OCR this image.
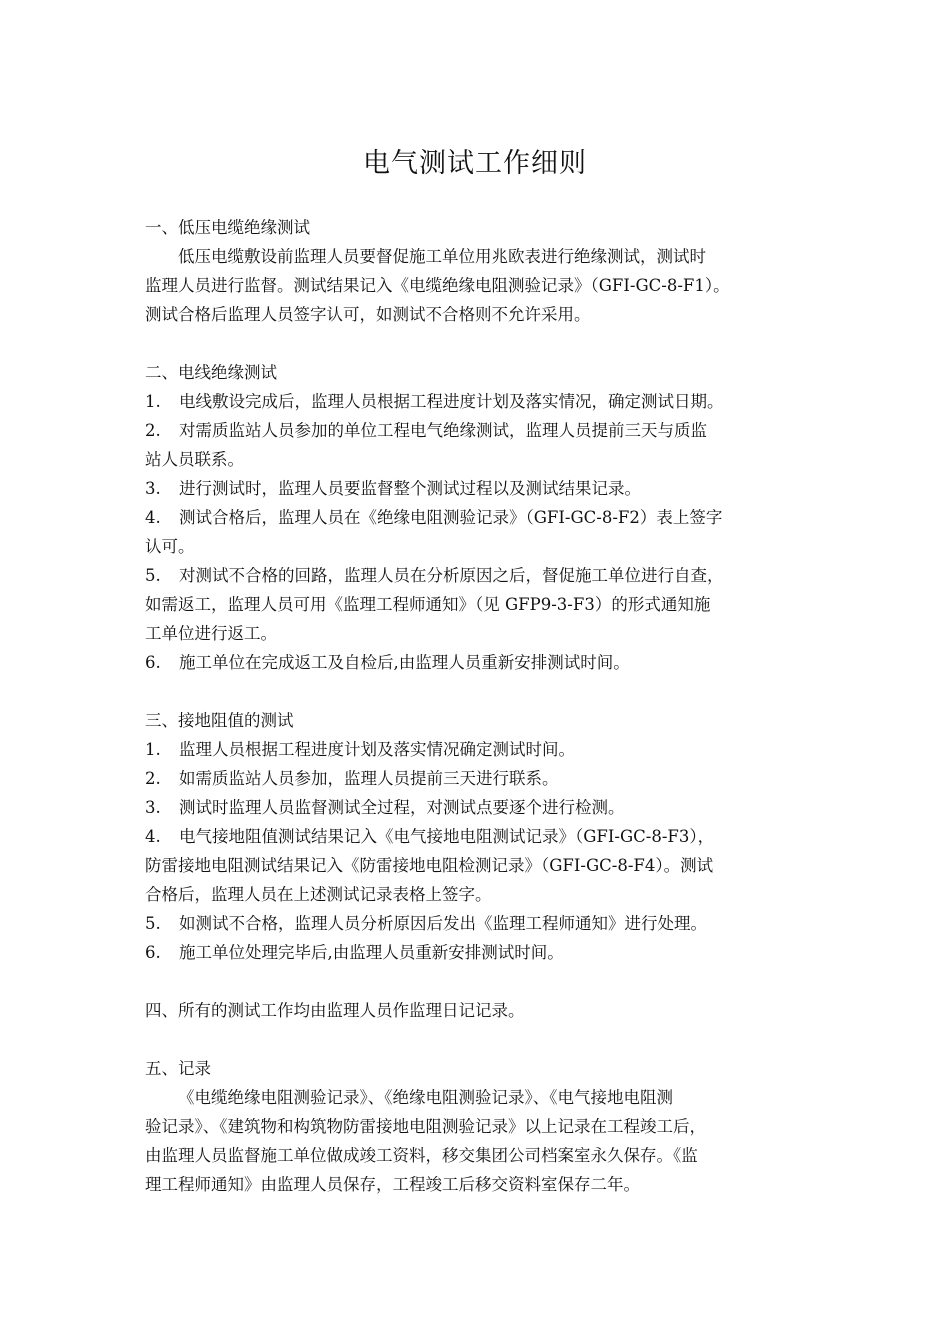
电气测试工作细则
一、低压电缆绝缘测试
低压电缆敷设前监理人员要督促施工单位用兆欧表进行绝缘测试，测试时
监理人员进行监督。测试结果记入《电缆绝缘电阻测验记录》（GFI-GC-8-F1）。
测试合格后监理人员签字认可，如测试不合格则不允许采用。
二、电线绝缘测试
1. 电线敷设完成后，监理人员根据工程进度计划及落实情况，确定测试日期。
2. 对需质监站人员参加的单位工程电气绝缘测试，监理人员提前三天与质监
站人员联系。
3. 进行测试时，监理人员要监督整个测试过程以及测试结果记录。
4. 测试合格后，监理人员在《绝缘电阻测验记录》（GFI-GC-8-F2）表上签字
认可。
5. 对测试不合格的回路，监理人员在分析原因之后，督促施工单位进行自查，
如需返工，监理人员可用《监理工程师通知》（见 GFP9-3-F3）的形式通知施
工单位进行返工。
6. 施工单位在完成返工及自检后,由监理人员重新安排测试时间。
三、接地阻值的测试
1. 监理人员根据工程进度计划及落实情况确定测试时间。
2. 如需质监站人员参加，监理人员提前三天进行联系。
3. 测试时监理人员监督测试全过程，对测试点要逐个进行检测。
4. 电气接地阻值测试结果记入《电气接地电阻测试记录》（GFI-GC-8-F3），
防雷接地电阻测试结果记入《防雷接地电阻检测记录》（GFI-GC-8-F4）。测试
合格后，监理人员在上述测试记录表格上签字。
5. 如测试不合格，监理人员分析原因后发出《监理工程师通知》进行处理。
6. 施工单位处理完毕后,由监理人员重新安排测试时间。
四、所有的测试工作均由监理人员作监理日记记录。
五、记录
《电缆绝缘电阻测验记录》、《绝缘电阻测验记录》、《电气接地电阻测
验记录》、《建筑物和构筑物防雷接地电阻测验记录》以上记录在工程竣工后，
由监理人员监督施工单位做成竣工资料，移交集团公司档案室永久保存。《监
理工程师通知》由监理人员保存，工程竣工后移交资料室保存二年。
